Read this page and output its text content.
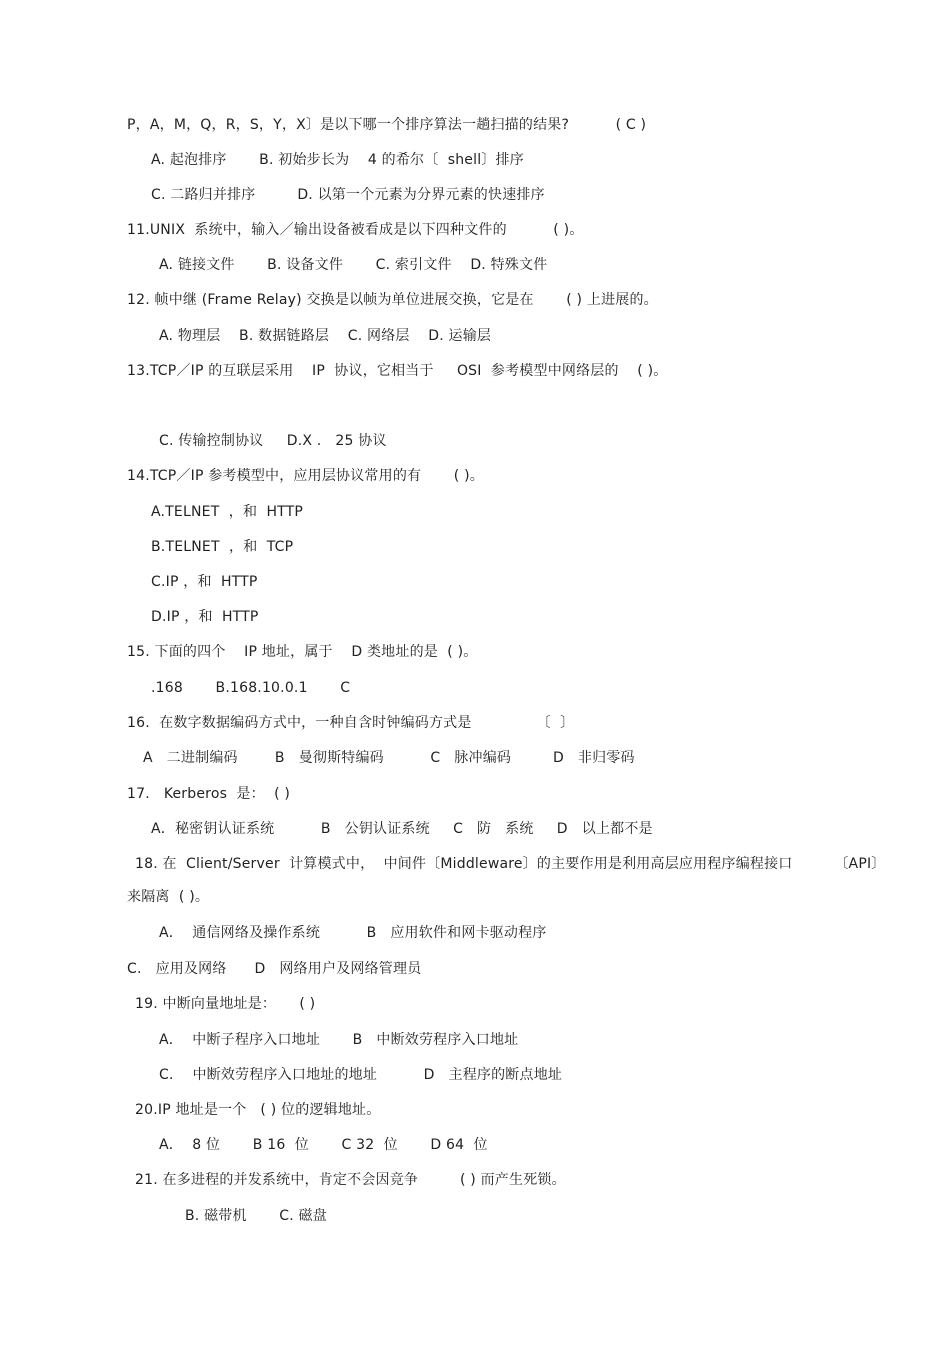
P，A，M，Q，R，S，Y，X〕是以下哪一个排序算法一趟扫描的结果?          ( C )
A. 起泡排序       B. 初始步长为    4 的希尔〔  shell〕排序
C. 二路归并排序         D. 以第一个元素为分界元素的快速排序
11.UNIX  系统中，输入／输出设备被看成是以下四种文件的          ( )。
A. 链接文件       B. 设备文件       C. 索引文件    D. 特殊文件
12. 帧中继 (Frame Relay) 交换是以帧为单位进展交换，它是在       ( ) 上进展的。
A. 物理层    B. 数据链路层    C. 网络层    D. 运输层
13.TCP／IP 的互联层采用    IP  协议，它相当于     OSI  参考模型中网络层的    ( )。
C. 传输控制协议     D.X .   25 协议
14.TCP／IP 参考模型中，应用层协议常用的有       ( )。
A.TELNET  ，和  HTTP
B.TELNET  ，和  TCP
C.IP ，和  HTTP
D.IP ，和  HTTP
15. 下面的四个    IP 地址，属于    D 类地址的是  ( )。
.168       B.168.10.0.1       C
16.  在数字数据编码方式中，一种自含时钟编码方式是              〔  〕
A   二进制编码        B   曼彻斯特编码          C   脉冲编码         D   非归零码
17.   Kerberos  是：  ( )
A．秘密钥认证系统          B   公钥认证系统     C   防   系统     D   以上都不是
18. 在  Client/Server  计算模式中，  中间件〔Middleware〕的主要作用是利用高层应用程序编程接口         〔API〕
来隔离  ( )。
A．  通信网络及操作系统          B   应用软件和网卡驱动程序
C.   应用及网络      D   网络用户及网络管理员
19. 中断向量地址是：     ( )
A．  中断子程序入口地址       B   中断效劳程序入口地址
C．  中断效劳程序入口地址的地址          D   主程序的断点地址
20.IP 地址是一个   ( ) 位的逻辑地址。
A．  8 位       B 16  位       C 32  位       D 64  位
21. 在多进程的并发系统中，肯定不会因竞争         ( ) 而产生死锁。
B. 磁带机       C. 磁盘
